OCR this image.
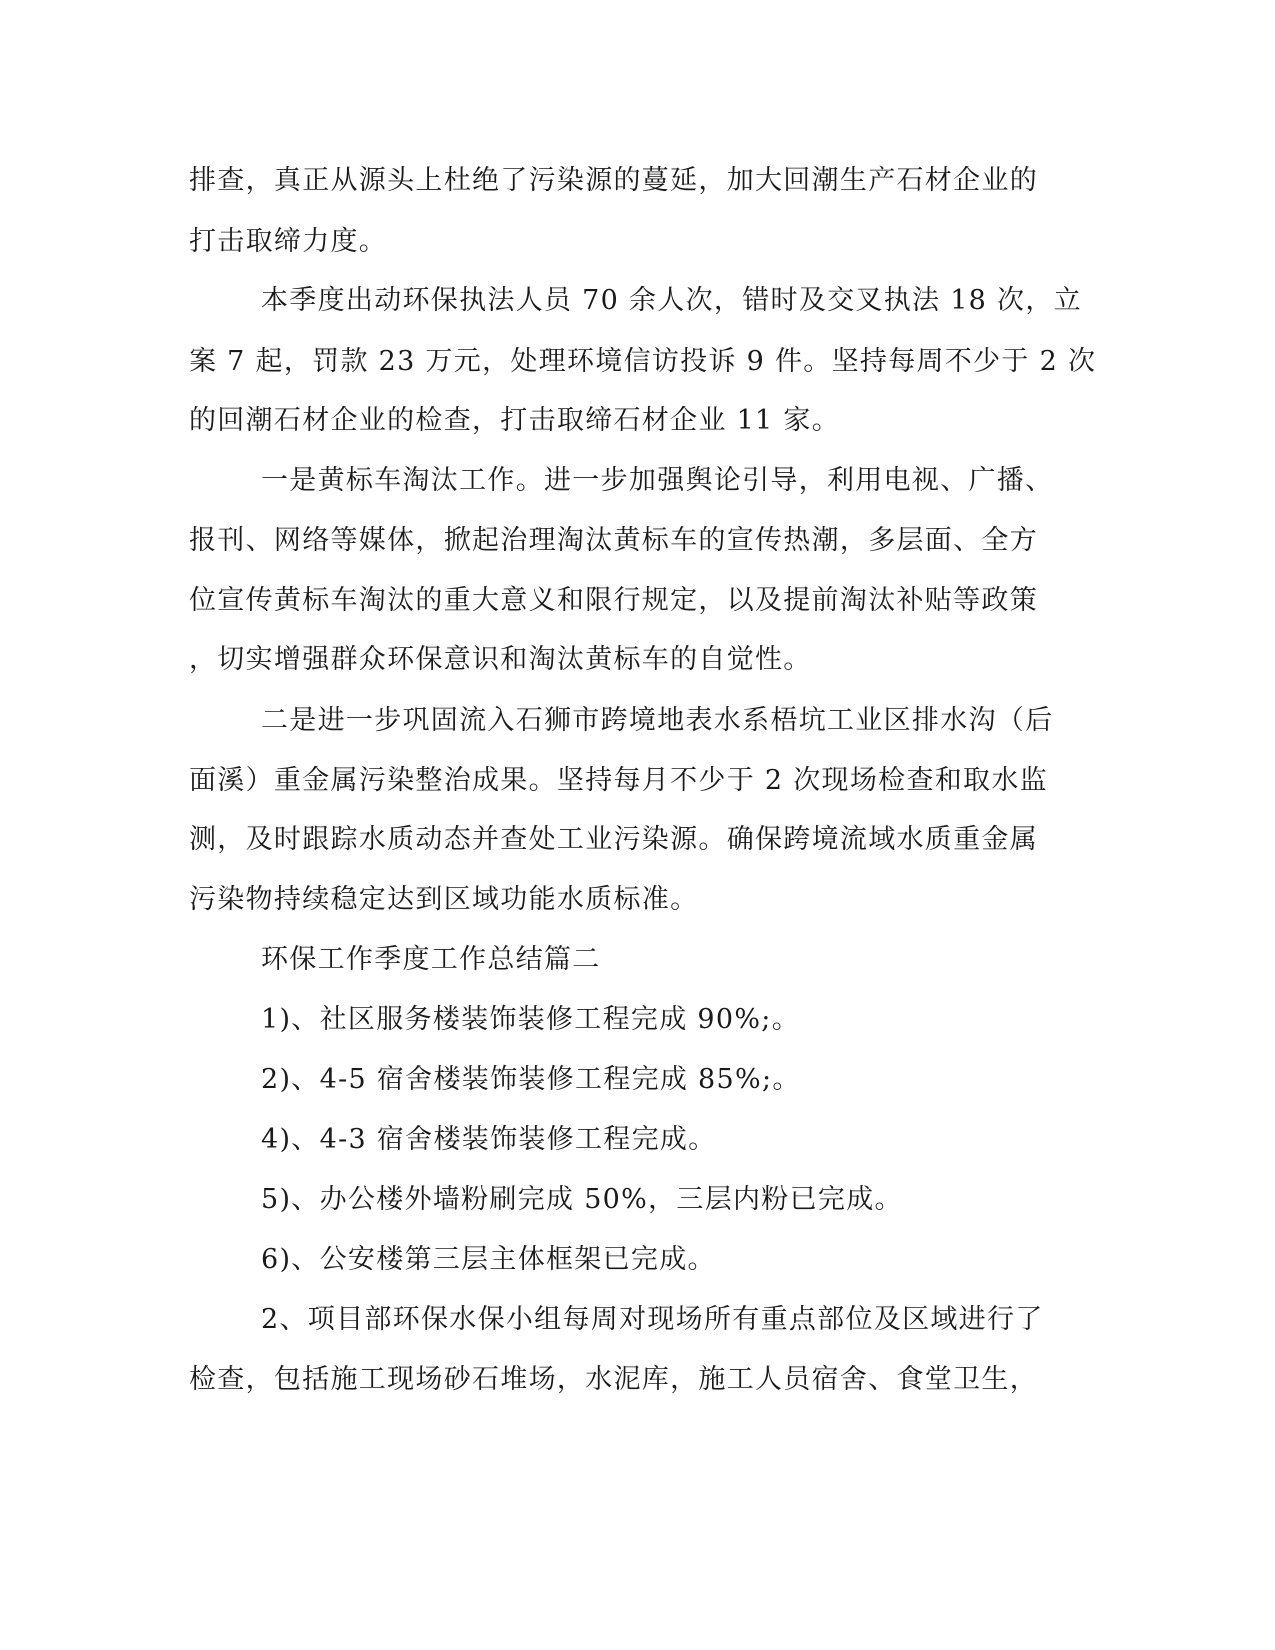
排查，真正从源头上杜绝了污染源的蔓延，加大回潮生产石材企业的
打击取缔力度。
本季度出动环保执法人员 70 余人次，错时及交叉执法 18 次，立
案 7 起，罚款 23 万元，处理环境信访投诉 9 件。坚持每周不少于 2 次
的回潮石材企业的检查，打击取缔石材企业 11 家。
一是黄标车淘汰工作。进一步加强舆论引导，利用电视、广播、
报刊、网络等媒体，掀起治理淘汰黄标车的宣传热潮，多层面、全方
位宣传黄标车淘汰的重大意义和限行规定，以及提前淘汰补贴等政策
，切实增强群众环保意识和淘汰黄标车的自觉性。
二是进一步巩固流入石狮市跨境地表水系梧坑工业区排水沟（后
面溪）重金属污染整治成果。坚持每月不少于 2 次现场检查和取水监
测，及时跟踪水质动态并查处工业污染源。确保跨境流域水质重金属
污染物持续稳定达到区域功能水质标准。
环保工作季度工作总结篇二
1)、社区服务楼装饰装修工程完成 90%;。
2)、4-5 宿舍楼装饰装修工程完成 85%;。
4)、4-3 宿舍楼装饰装修工程完成。
5)、办公楼外墙粉刷完成 50%，三层内粉已完成。
6)、公安楼第三层主体框架已完成。
2、项目部环保水保小组每周对现场所有重点部位及区域进行了
检查，包括施工现场砂石堆场，水泥库，施工人员宿舍、食堂卫生，
